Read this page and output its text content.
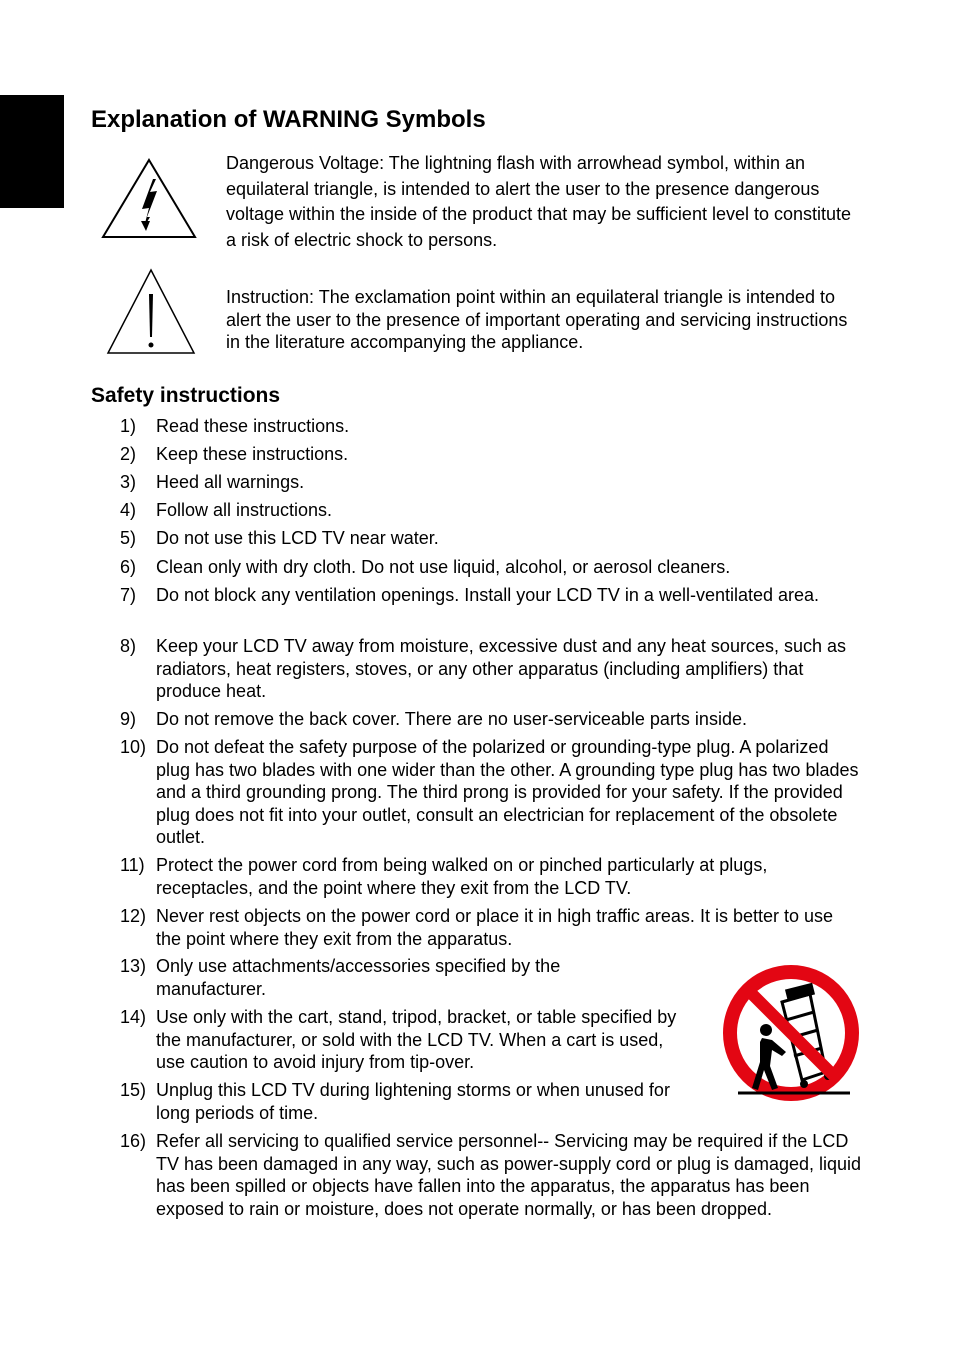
English
Explanation of WARNING Symbols
Dangerous Voltage: The lightning flash with arrowhead symbol, within an equilateral triangle, is intended to alert the user to the presence dangerous voltage within the inside of the product that may be sufficient level to constitute a risk of electric shock to persons.
Instruction: The exclamation point within an equilateral triangle is intended to alert the user to the presence of important operating and servicing instructions in the literature accompanying the appliance.
Safety instructions
1)	Read these instructions.
2)	Keep these instructions.
3)	Heed all warnings.
4)	Follow all instructions.
5)	Do not use this LCD TV near water.
6)	Clean only with dry cloth. Do not use liquid, alcohol, or aerosol cleaners.
7)	Do not block any ventilation openings. Install your LCD TV in a well-ventilated area.
8)	Keep your LCD TV away from moisture, excessive dust and any heat sources, such as radiators, heat registers, stoves, or any other apparatus (including amplifiers) that produce heat.
9)	Do not remove the back cover. There are no user-serviceable parts inside.
10) Do not defeat the safety purpose of the polarized or grounding-type plug. A polarized plug has two blades with one wider than the other. A grounding type plug has two blades and a third grounding prong. The third prong is provided for your safety. If the provided plug does not fit into your outlet, consult an electrician for replacement of the obsolete outlet.
11) Protect the power cord from being walked on or pinched particularly at plugs, receptacles, and the point where they exit from the LCD TV.
12) Never rest objects on the power cord or place it in high traffic areas. It is better to use the point where they exit from the apparatus.
13) Only use attachments/accessories specified by the manufacturer.
14) Use only with the cart, stand, tripod, bracket, or table specified by the manufacturer, or sold with the LCD TV. When a cart is used, use caution to avoid injury from tip-over.
15) Unplug this LCD TV during lightening storms or when unused for long periods of time.
16) Refer all servicing to qualified service personnel-- Servicing may be required if the LCD TV has been damaged in any way, such as power-supply cord or plug is damaged, liquid has been spilled or objects have fallen into the apparatus, the apparatus has been exposed to rain or moisture, does not operate normally, or has been dropped.
